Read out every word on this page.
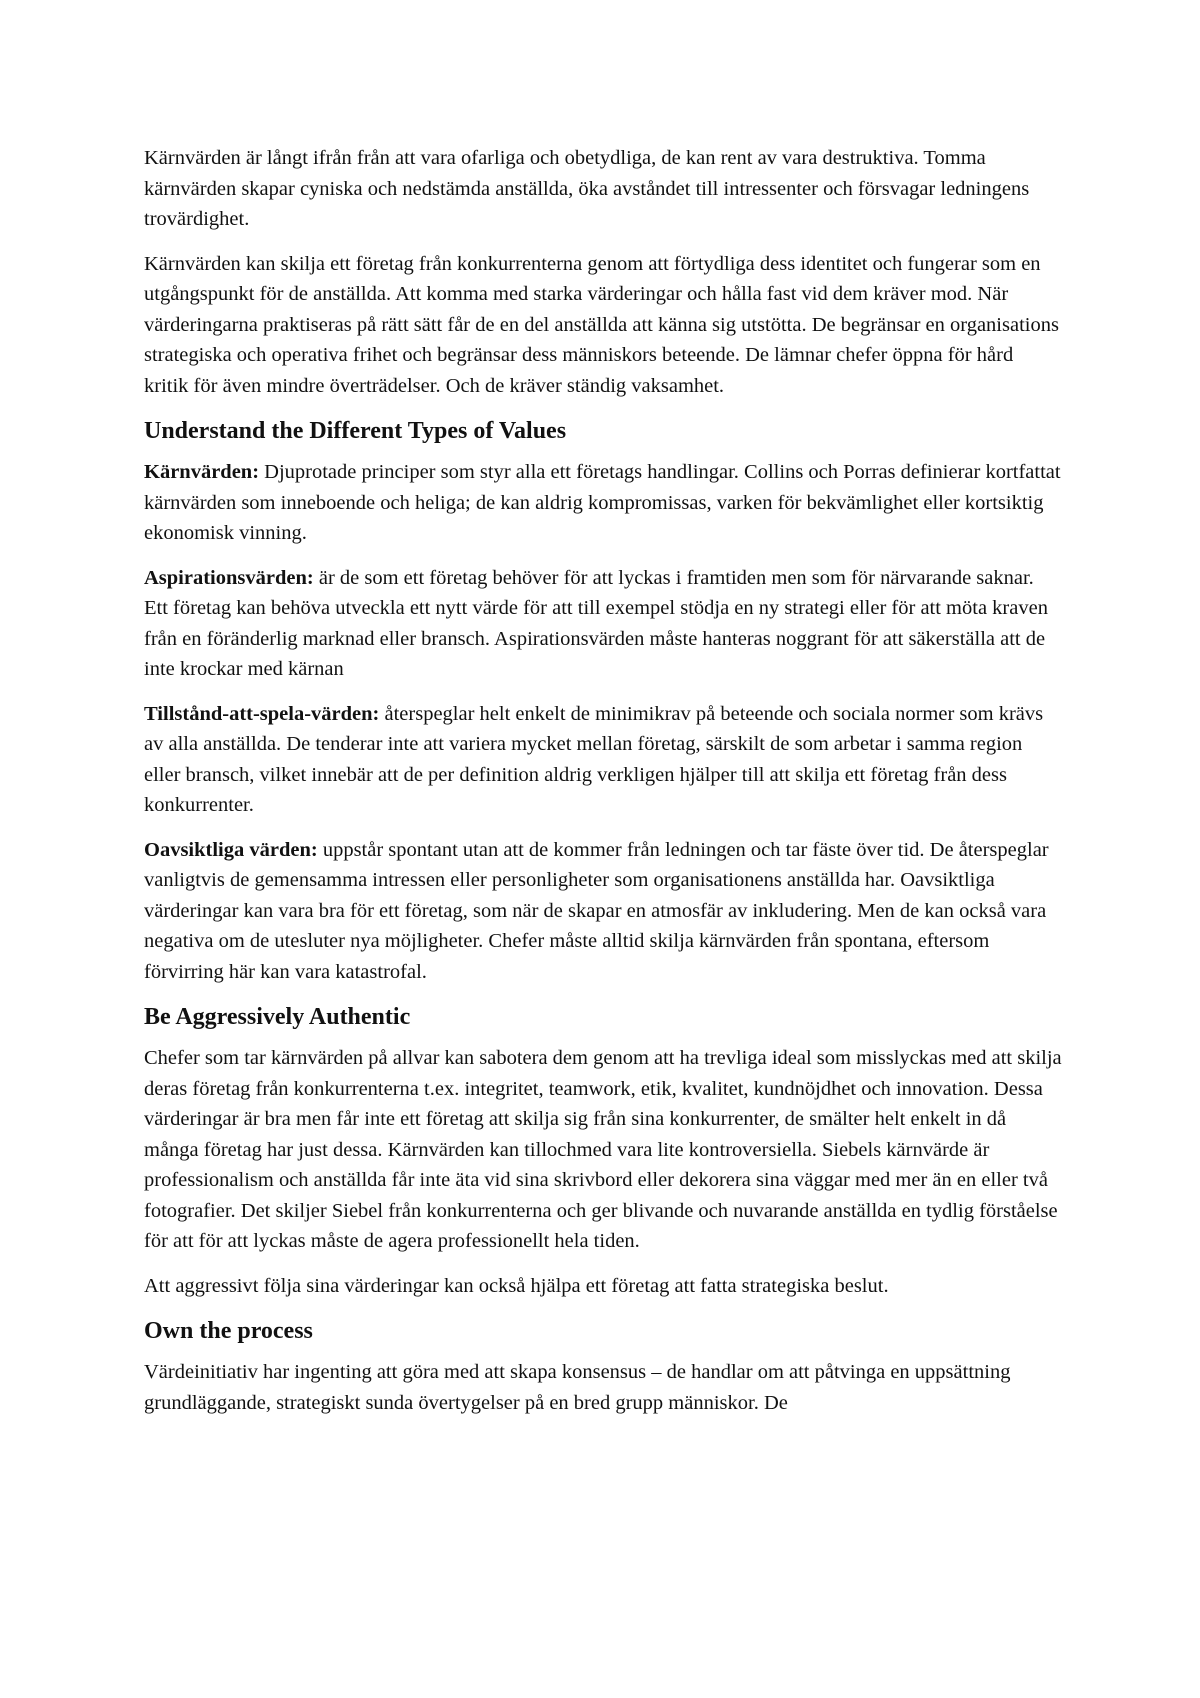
Kärnvärden är långt ifrån från att vara ofarliga och obetydliga, de kan rent av vara destruktiva. Tomma kärnvärden skapar cyniska och nedstämda anställda, öka avståndet till intressenter och försvagar ledningens trovärdighet.

Kärnvärden kan skilja ett företag från konkurrenterna genom att förtydliga dess identitet och fungerar som en utgångspunkt för de anställda. Att komma med starka värderingar och hålla fast vid dem kräver mod. När värderingarna praktiseras på rätt sätt får de en del anställda att känna sig utstötta. De begränsar en organisations strategiska och operativa frihet och begränsar dess människors beteende. De lämnar chefer öppna för hård kritik för även mindre överträdelser. Och de kräver ständig vaksamhet.

Understand the Different Types of Values

Kärnvärden: Djuprotade principer som styr alla ett företags handlingar. Collins och Porras definierar kortfattat kärnvärden som inneboende och heliga; de kan aldrig kompromissas, varken för bekvämlighet eller kortsiktig ekonomisk vinning.

Aspirationsvärden: är de som ett företag behöver för att lyckas i framtiden men som för närvarande saknar. Ett företag kan behöva utveckla ett nytt värde för att till exempel stödja en ny strategi eller för att möta kraven från en föränderlig marknad eller bransch. Aspirationsvärden måste hanteras noggrant för att säkerställa att de inte krockar med kärnan

Tillstånd-att-spela-värden: återspeglar helt enkelt de minimikrav på beteende och sociala normer som krävs av alla anställda. De tenderar inte att variera mycket mellan företag, särskilt de som arbetar i samma region eller bransch, vilket innebär att de per definition aldrig verkligen hjälper till att skilja ett företag från dess konkurrenter.

Oavsiktliga värden: uppstår spontant utan att de kommer från ledningen och tar fäste över tid. De återspeglar vanligtvis de gemensamma intressen eller personligheter som organisationens anställda har. Oavsiktliga värderingar kan vara bra för ett företag, som när de skapar en atmosfär av inkludering. Men de kan också vara negativa om de utesluter nya möjligheter. Chefer måste alltid skilja kärnvärden från spontana, eftersom förvirring här kan vara katastrofal.

Be Aggressively Authentic

Chefer som tar kärnvärden på allvar kan sabotera dem genom att ha trevliga ideal som misslyckas med att skilja deras företag från konkurrenterna t.ex. integritet, teamwork, etik, kvalitet, kundnöjdhet och innovation. Dessa värderingar är bra men får inte ett företag att skilja sig från sina konkurrenter, de smälter helt enkelt in då många företag har just dessa. Kärnvärden kan tillochmed vara lite kontroversiella. Siebels kärnvärde är professionalism och anställda får inte äta vid sina skrivbord eller dekorera sina väggar med mer än en eller två fotografier. Det skiljer Siebel från konkurrenterna och ger blivande och nuvarande anställda en tydlig förståelse för att för att lyckas måste de agera professionellt hela tiden.

Att aggressivt följa sina värderingar kan också hjälpa ett företag att fatta strategiska beslut.

Own the process

Värdeinitiativ har ingenting att göra med att skapa konsensus – de handlar om att påtvinga en uppsättning grundläggande, strategiskt sunda övertygelser på en bred grupp människor. De
